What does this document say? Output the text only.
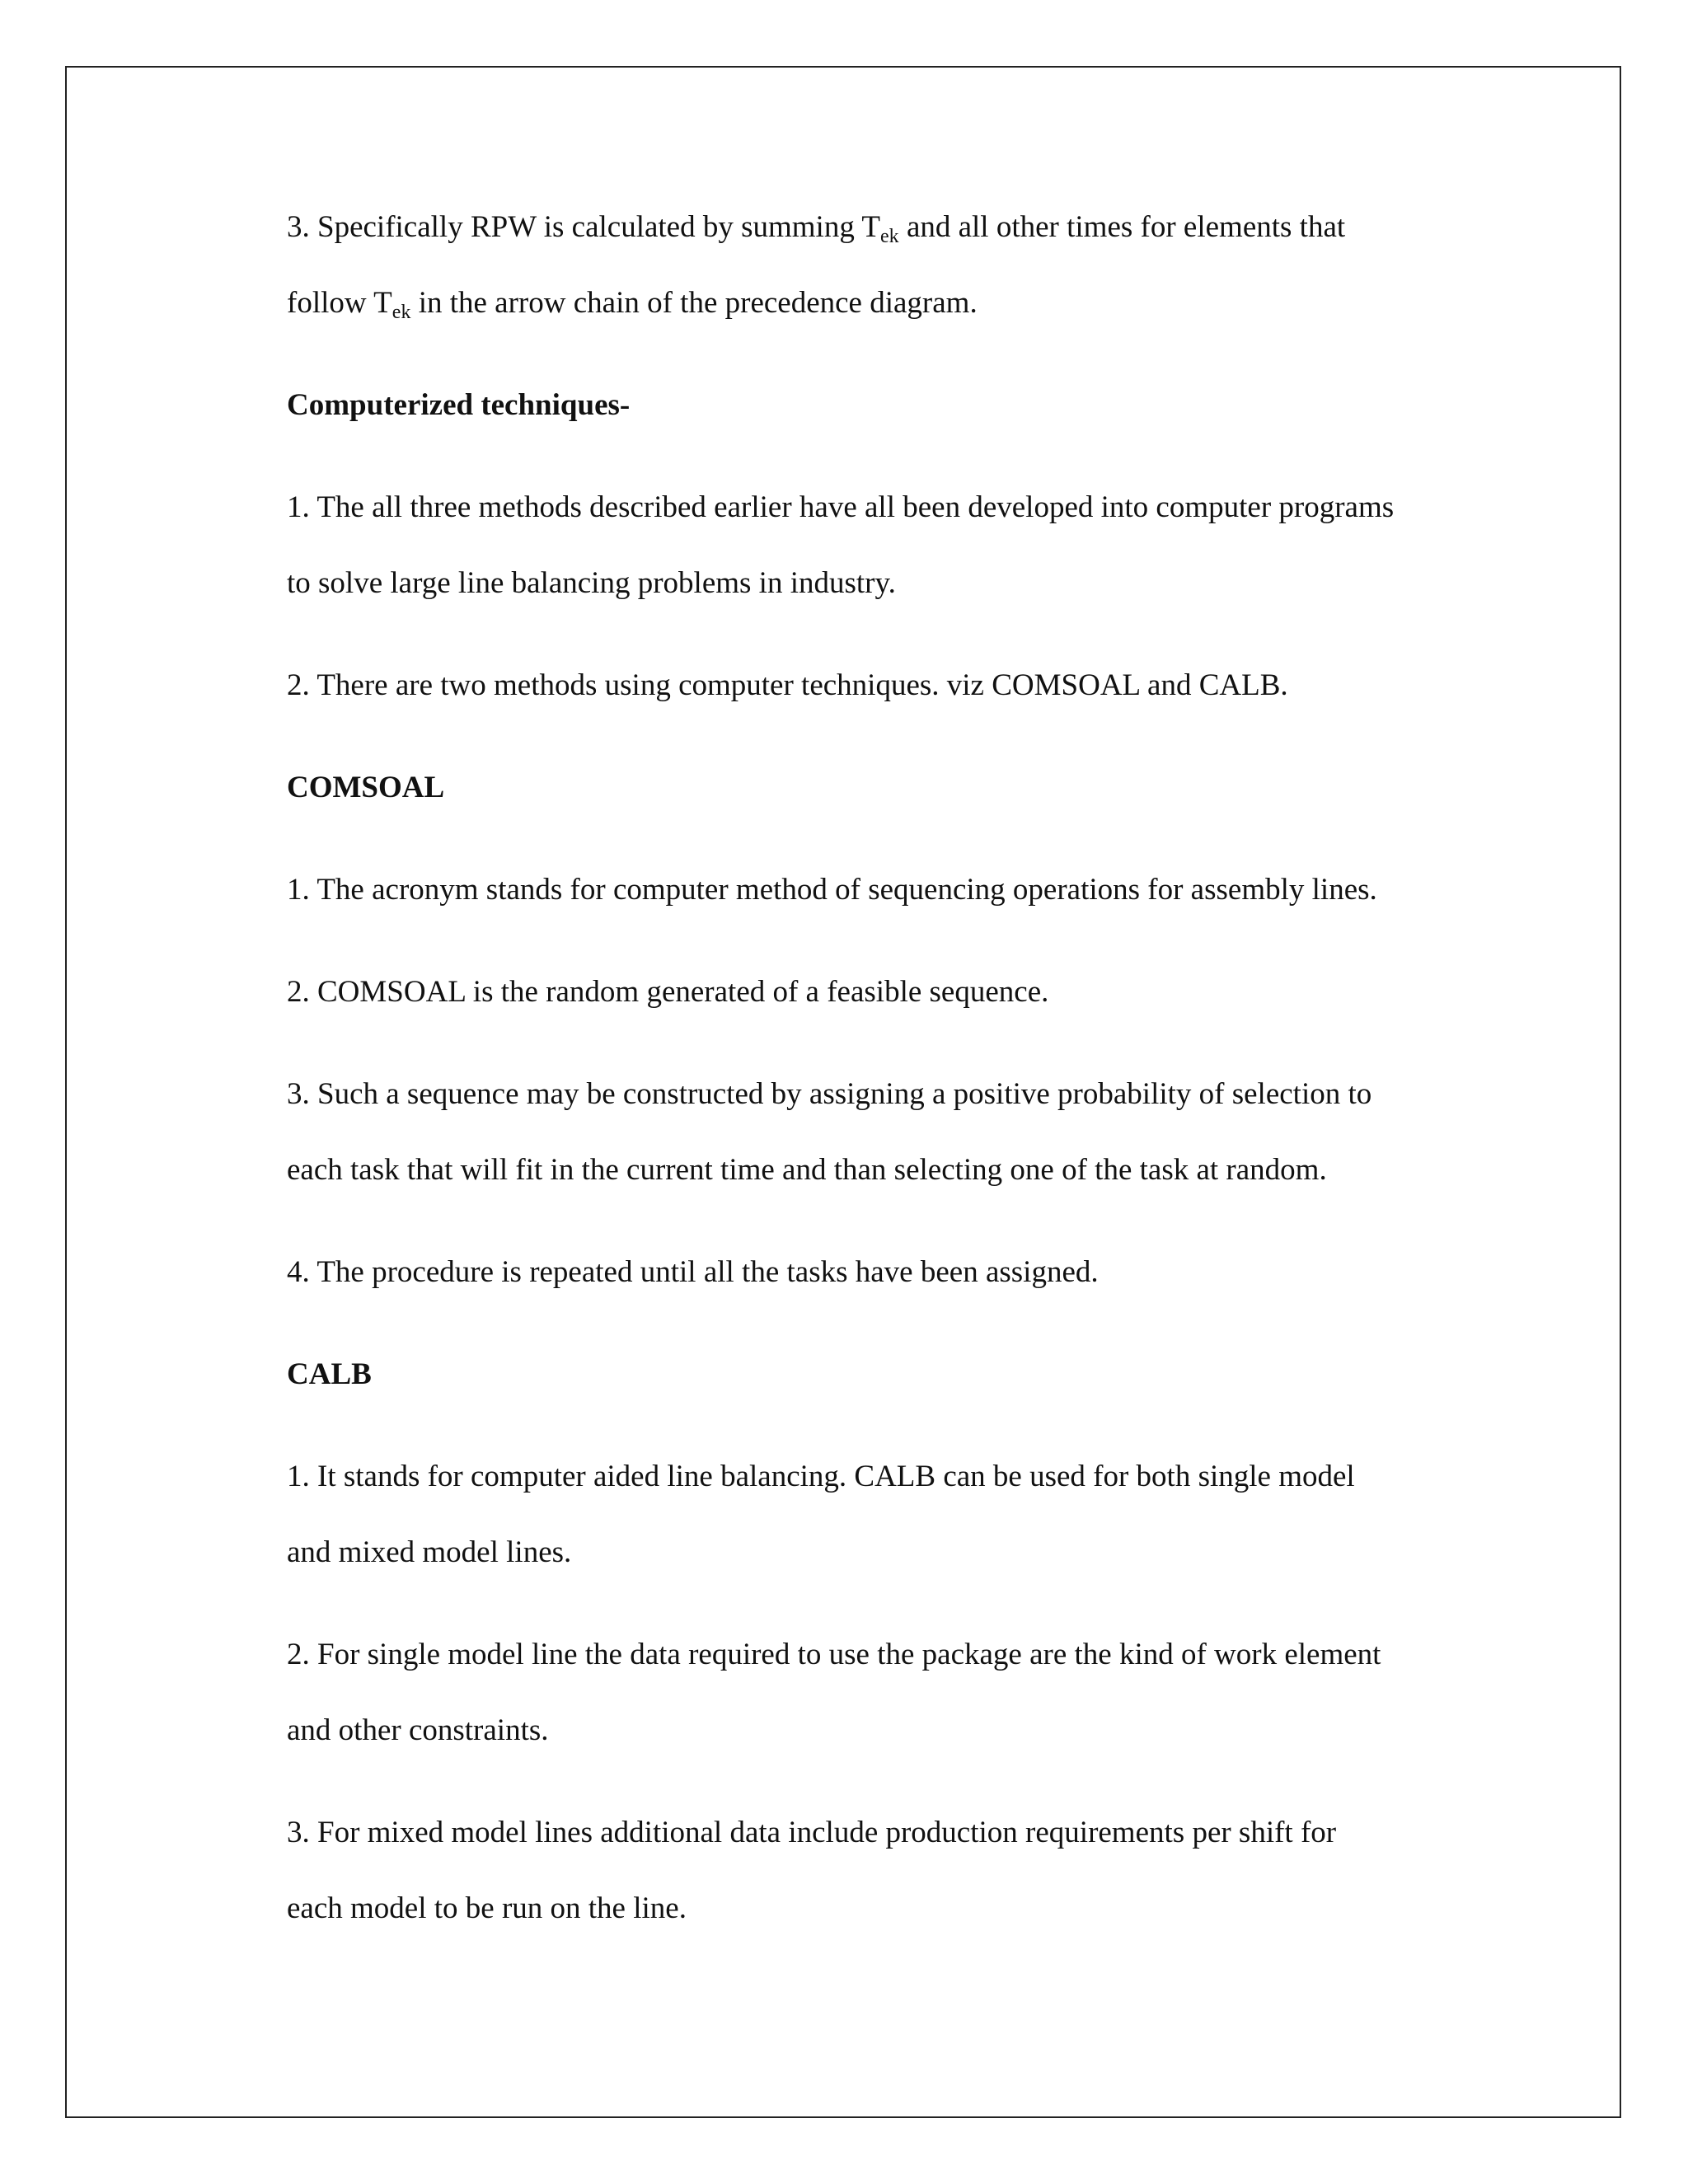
3. Specifically RPW is calculated by summing $T_{ek}$ and all other times for elements that
follow $T_{ek}$ in the arrow chain of the precedence diagram.

Computerized techniques-

1. The all three methods described earlier have all been developed into computer programs
to solve large line balancing problems in industry.

2. There are two methods using computer techniques. viz COMSOAL and CALB.

COMSOAL

1. The acronym stands for computer method of sequencing operations for assembly lines.

2. COMSOAL is the random generated of a feasible sequence.

3. Such a sequence may be constructed by assigning a positive probability of selection to
each task that will fit in the current time and than selecting one of the task at random.

4. The procedure is repeated until all the tasks have been assigned.

CALB

1. It stands for computer aided line balancing. CALB can be used for both single model
and mixed model lines.

2. For single model line the data required to use the package are the kind of work element
and other constraints.

3. For mixed model lines additional data include production requirements per shift for
each model to be run on the line.
